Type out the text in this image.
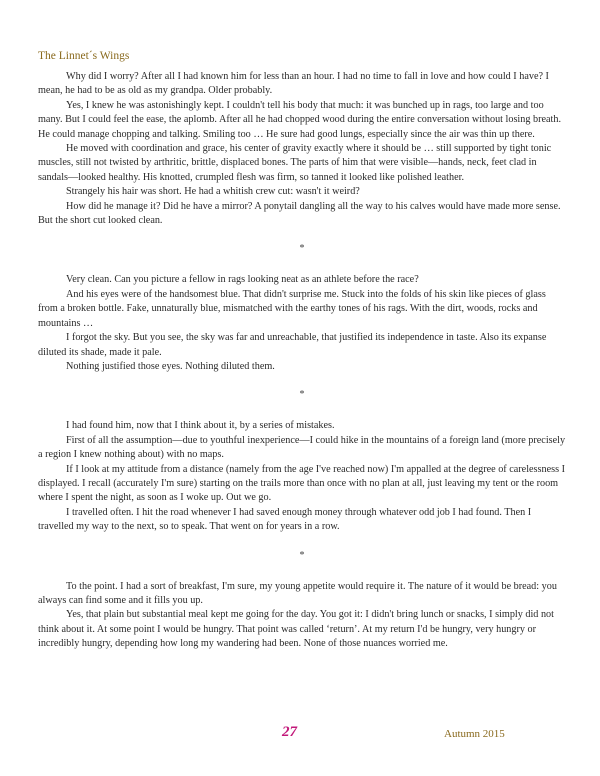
The Linnet´s Wings

Why did I worry? After all I had known him for less than an hour. I had no time to fall in love and how could I have? I mean, he had to be as old as my grandpa. Older probably.

Yes, I knew he was astonishingly kept. I couldn't tell his body that much: it was bunched up in rags, too large and too many. But I could feel the ease, the aplomb. After all he had chopped wood during the entire conversation without losing breath. He could manage chopping and talking. Smiling too … He sure had good lungs, especially since the air was thin up there.

He moved with coordination and grace, his center of gravity exactly where it should be … still supported by tight tonic muscles, still not twisted by arthritic, brittle, displaced bones. The parts of him that were visible—hands, neck, feet clad in sandals—looked healthy. His knotted, crumpled flesh was firm, so tanned it looked like polished leather.

Strangely his hair was short. He had a whitish crew cut: wasn't it weird?

How did he manage it? Did he have a mirror? A ponytail dangling all the way to his calves would have made more sense. But the short cut looked clean.

*

Very clean. Can you picture a fellow in rags looking neat as an athlete before the race?

And his eyes were of the handsomest blue. That didn't surprise me. Stuck into the folds of his skin like pieces of glass from a broken bottle. Fake, unnaturally blue, mismatched with the earthy tones of his rags. With the dirt, woods, rocks and mountains …

I forgot the sky. But you see, the sky was far and unreachable, that justified its independence in taste. Also its expanse diluted its shade, made it pale.

Nothing justified those eyes. Nothing diluted them.

*

I had found him, now that I think about it, by a series of mistakes.

First of all the assumption—due to youthful inexperience—I could hike in the mountains of a foreign land (more precisely a region I knew nothing about) with no maps.

If I look at my attitude from a distance (namely from the age I've reached now) I'm appalled at the degree of carelessness I displayed. I recall (accurately I'm sure) starting on the trails more than once with no plan at all, just leaving my tent or the room where I spent the night, as soon as I woke up. Out we go.

I travelled often. I hit the road whenever I had saved enough money through whatever odd job I had found. Then I travelled my way to the next, so to speak. That went on for years in a row.

*

To the point. I had a sort of breakfast, I'm sure, my young appetite would require it. The nature of it would be bread: you always can find some and it fills you up.

Yes, that plain but substantial meal kept me going for the day. You got it: I didn't bring lunch or snacks, I simply did not think about it. At some point I would be hungry. That point was called ‘return’. At my return I'd be hungry, very hungry or incredibly hungry, depending how long my wandering had been. None of those nuances worried me.

27	Autumn 2015
